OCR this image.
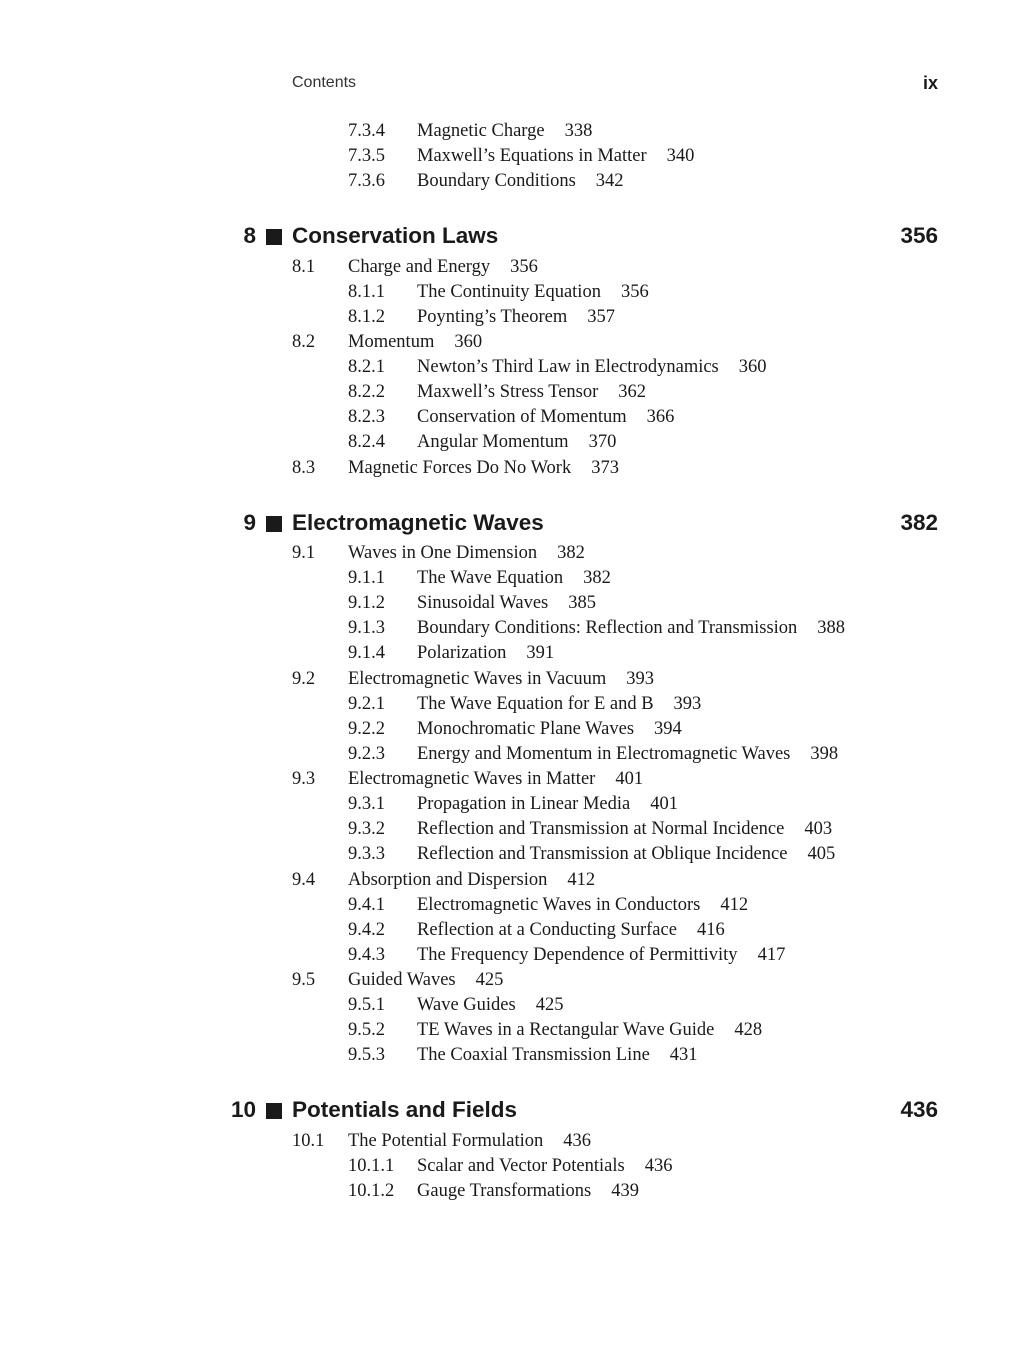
Contents	ix
7.3.4 Magnetic Charge 338
7.3.5 Maxwell’s Equations in Matter 340
7.3.6 Boundary Conditions 342
8 Conservation Laws	356
8.1 Charge and Energy 356
8.1.1 The Continuity Equation 356
8.1.2 Poynting’s Theorem 357
8.2 Momentum 360
8.2.1 Newton’s Third Law in Electrodynamics 360
8.2.2 Maxwell’s Stress Tensor 362
8.2.3 Conservation of Momentum 366
8.2.4 Angular Momentum 370
8.3 Magnetic Forces Do No Work 373
9 Electromagnetic Waves	382
9.1 Waves in One Dimension 382
9.1.1 The Wave Equation 382
9.1.2 Sinusoidal Waves 385
9.1.3 Boundary Conditions: Reflection and Transmission 388
9.1.4 Polarization 391
9.2 Electromagnetic Waves in Vacuum 393
9.2.1 The Wave Equation for E and B 393
9.2.2 Monochromatic Plane Waves 394
9.2.3 Energy and Momentum in Electromagnetic Waves 398
9.3 Electromagnetic Waves in Matter 401
9.3.1 Propagation in Linear Media 401
9.3.2 Reflection and Transmission at Normal Incidence 403
9.3.3 Reflection and Transmission at Oblique Incidence 405
9.4 Absorption and Dispersion 412
9.4.1 Electromagnetic Waves in Conductors 412
9.4.2 Reflection at a Conducting Surface 416
9.4.3 The Frequency Dependence of Permittivity 417
9.5 Guided Waves 425
9.5.1 Wave Guides 425
9.5.2 TE Waves in a Rectangular Wave Guide 428
9.5.3 The Coaxial Transmission Line 431
10 Potentials and Fields	436
10.1 The Potential Formulation 436
10.1.1 Scalar and Vector Potentials 436
10.1.2 Gauge Transformations 439
